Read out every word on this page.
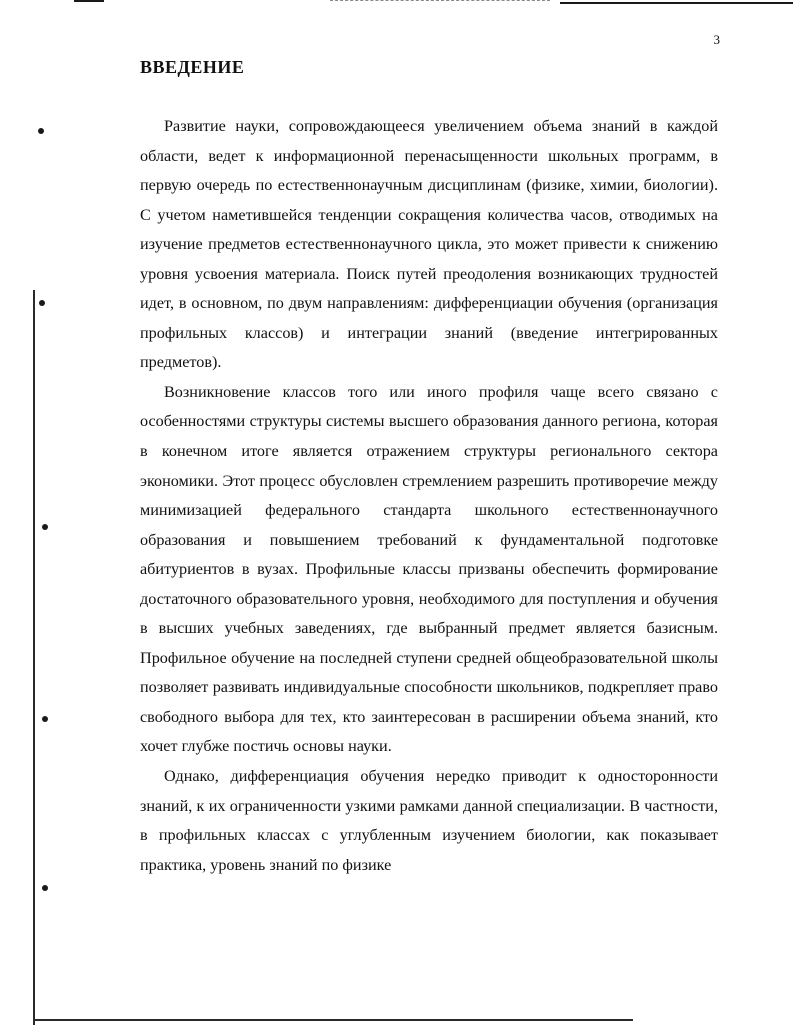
3
ВВЕДЕНИЕ

Развитие науки, сопровождающееся увеличением объема знаний в каждой области, ведет к информационной перенасыщенности школьных программ, в первую очередь по естественнонаучным дисциплинам (физике, химии, биологии). С учетом наметившейся тенденции сокращения количества часов, отводимых на изучение предметов естественнонаучного цикла, это может привести к снижению уровня усвоения материала. Поиск путей преодоления возникающих трудностей идет, в основном, по двум направлениям: дифференциации обучения (организация профильных классов) и интеграции знаний (введение интегрированных предметов).

Возникновение классов того или иного профиля чаще всего связано с особенностями структуры системы высшего образования данного региона, которая в конечном итоге является отражением структуры регионального сектора экономики. Этот процесс обусловлен стремлением разрешить противоречие между минимизацией федерального стандарта школьного естественнонаучного образования и повышением требований к фундаментальной подготовке абитуриентов в вузах. Профильные классы призваны обеспечить формирование достаточного образовательного уровня, необходимого для поступления и обучения в высших учебных заведениях, где выбранный предмет является базисным. Профильное обучение на последней ступени средней общеобразовательной школы позволяет развивать индивидуальные способности школьников, подкрепляет право свободного выбора для тех, кто заинтересован в расширении объема знаний, кто хочет глубже постичь основы науки.

Однако, дифференциация обучения нередко приводит к односторонности знаний, к их ограниченности узкими рамками данной специализации. В частности, в профильных классах с углубленным изучением биологии, как показывает практика, уровень знаний по физике
